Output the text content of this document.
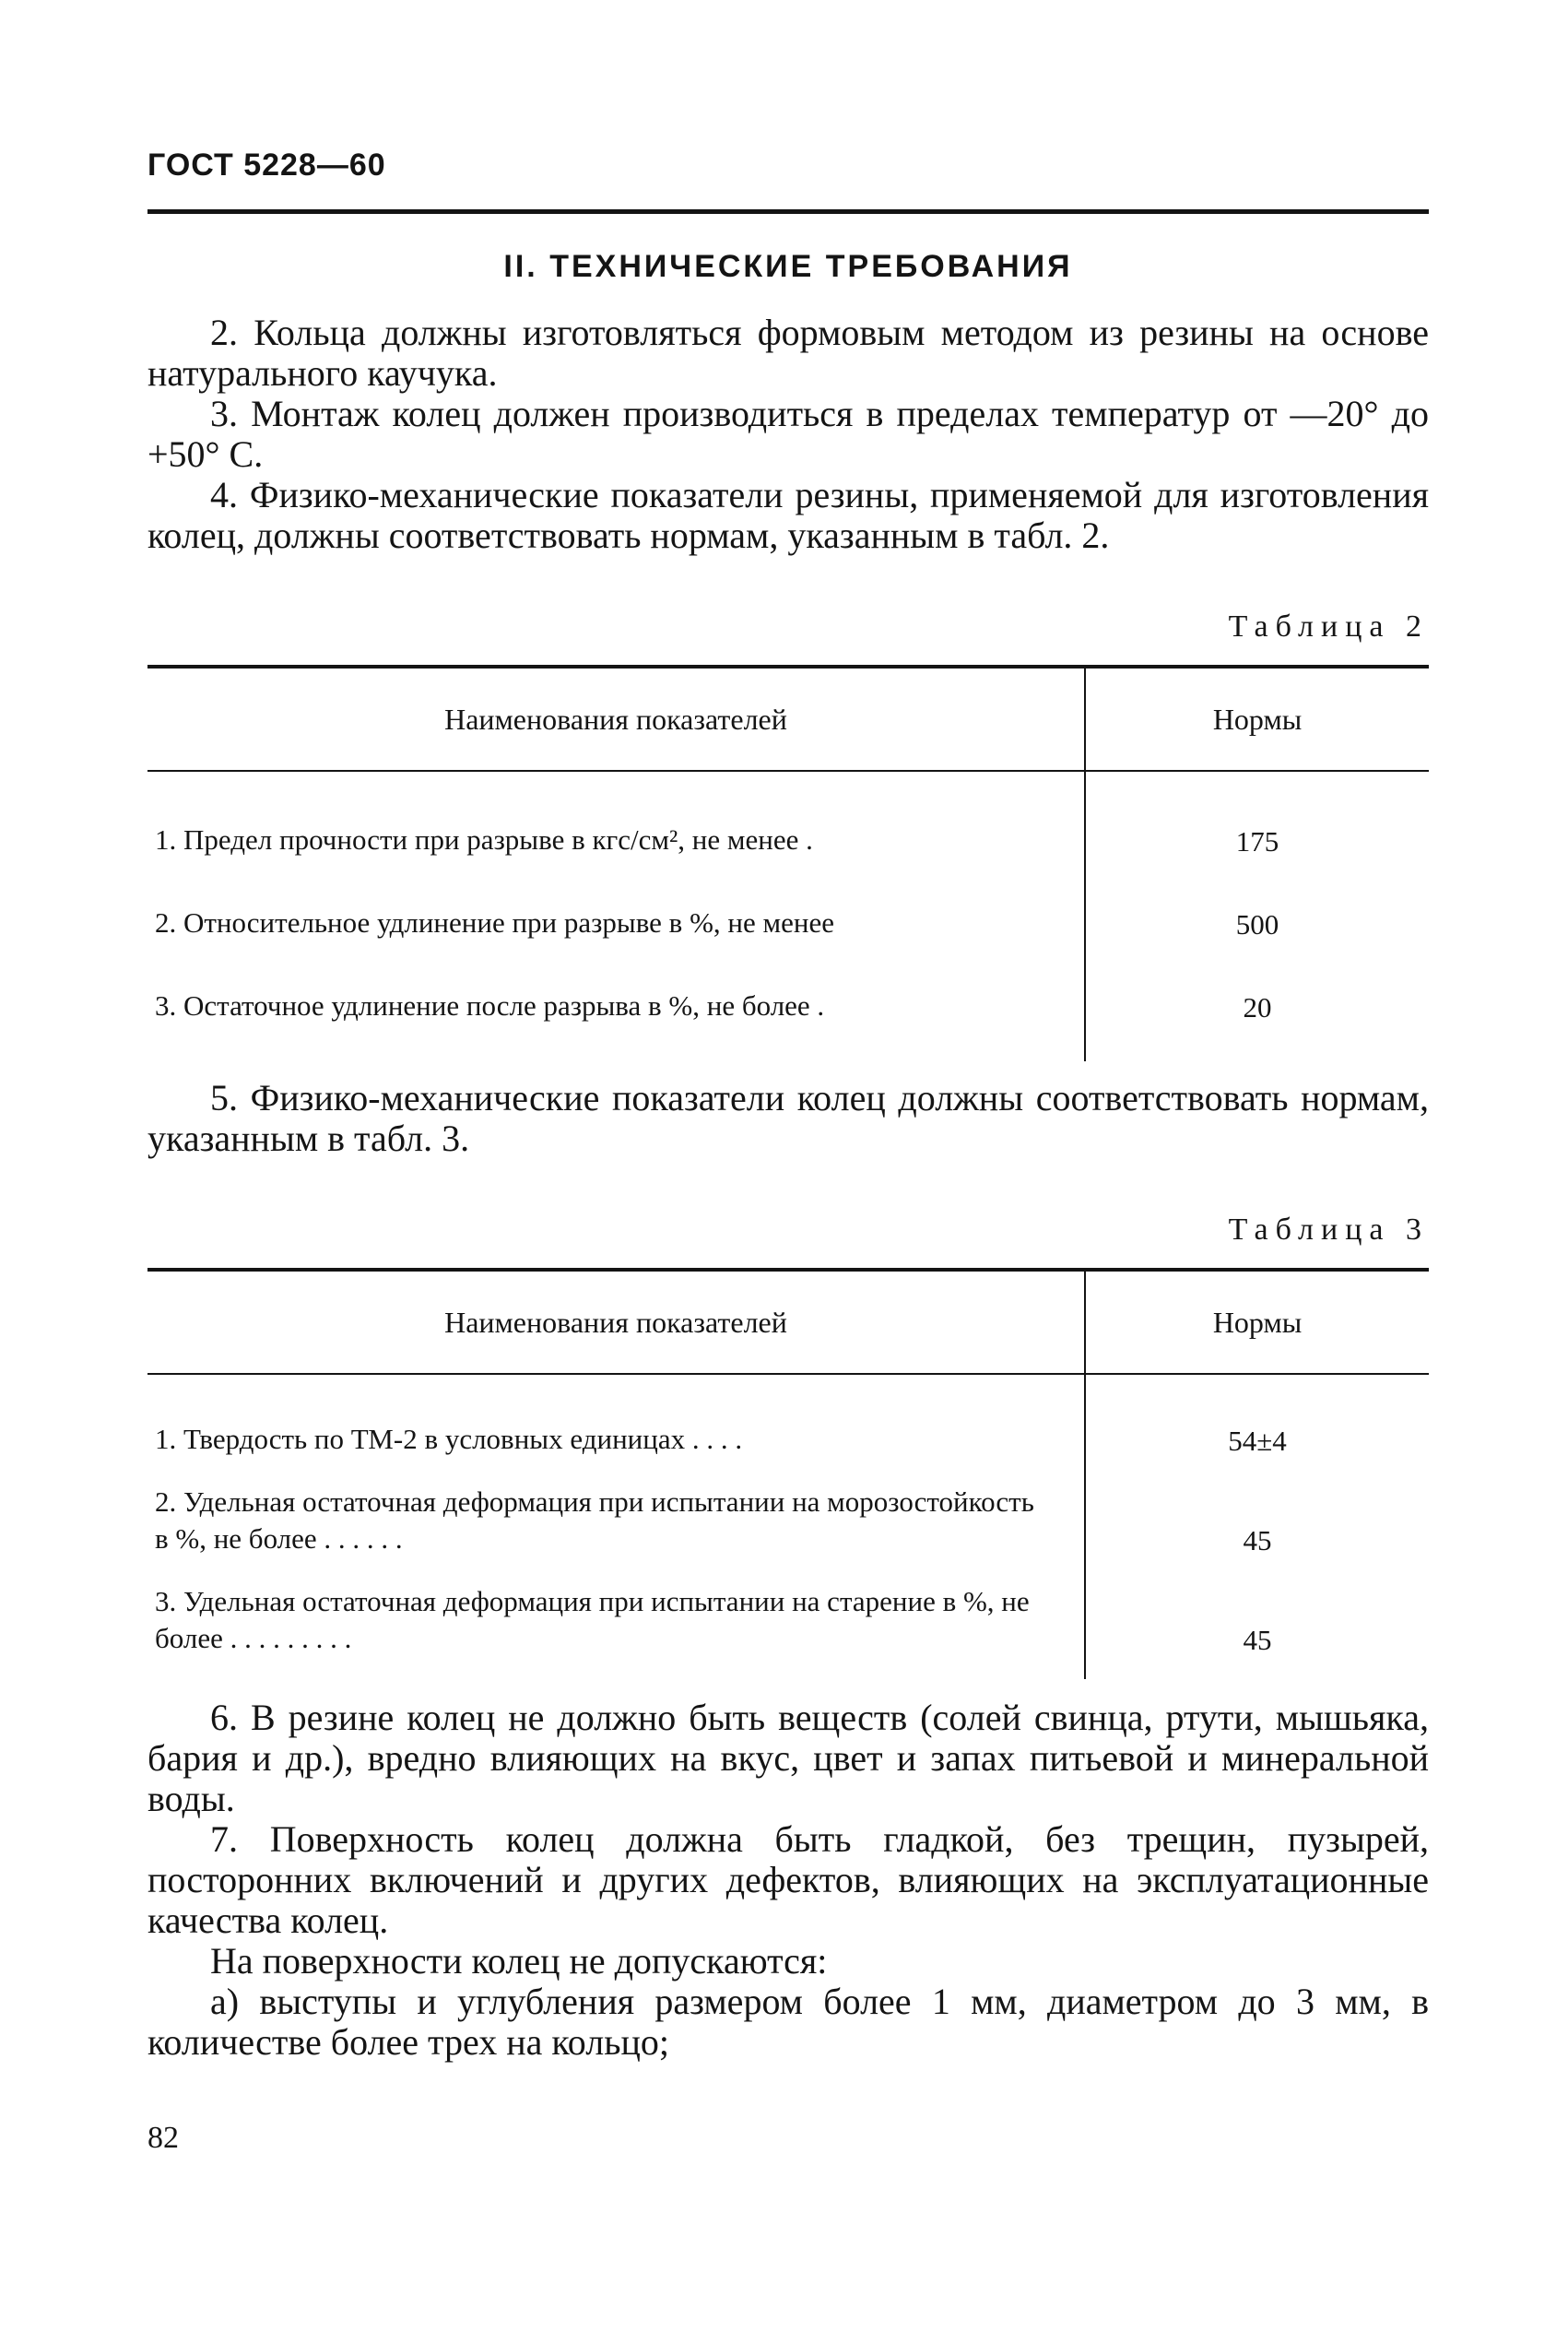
ГОСТ 5228—60
II. ТЕХНИЧЕСКИЕ ТРЕБОВАНИЯ

2. Кольца должны изготовляться формовым методом из резины на основе натурального каучука.

3. Монтаж колец должен производиться в пределах температур от —20° до +50° С.

4. Физико-механические показатели резины, применяемой для изготовления колец, должны соответствовать нормам, указанным в табл. 2.

Таблица 2
Наименования показателей	Нормы
1. Предел прочности при разрыве в кгс/см², не менее .	175
2. Относительное удлинение при разрыве в %, не менее	500
3. Остаточное удлинение после разрыва в %, не более .	20

5. Физико-механические показатели колец должны соответствовать нормам, указанным в табл. 3.

Таблица 3
Наименования показателей	Нормы
1. Твердость по ТМ-2 в условных единицах . . . .	54±4
2. Удельная остаточная деформация при испытании на морозостойкость в %, не более . . . . . .	45
3. Удельная остаточная деформация при испытании на старение в %, не более . . . . . . . . .	45

6. В резине колец не должно быть веществ (солей свинца, ртути, мышьяка, бария и др.), вредно влияющих на вкус, цвет и запах питьевой и минеральной воды.

7. Поверхность колец должна быть гладкой, без трещин, пузырей, посторонних включений и других дефектов, влияющих на эксплуатационные качества колец.

На поверхности колец не допускаются:

а) выступы и углубления размером более 1 мм, диаметром до 3 мм, в количестве более трех на кольцо;

82
